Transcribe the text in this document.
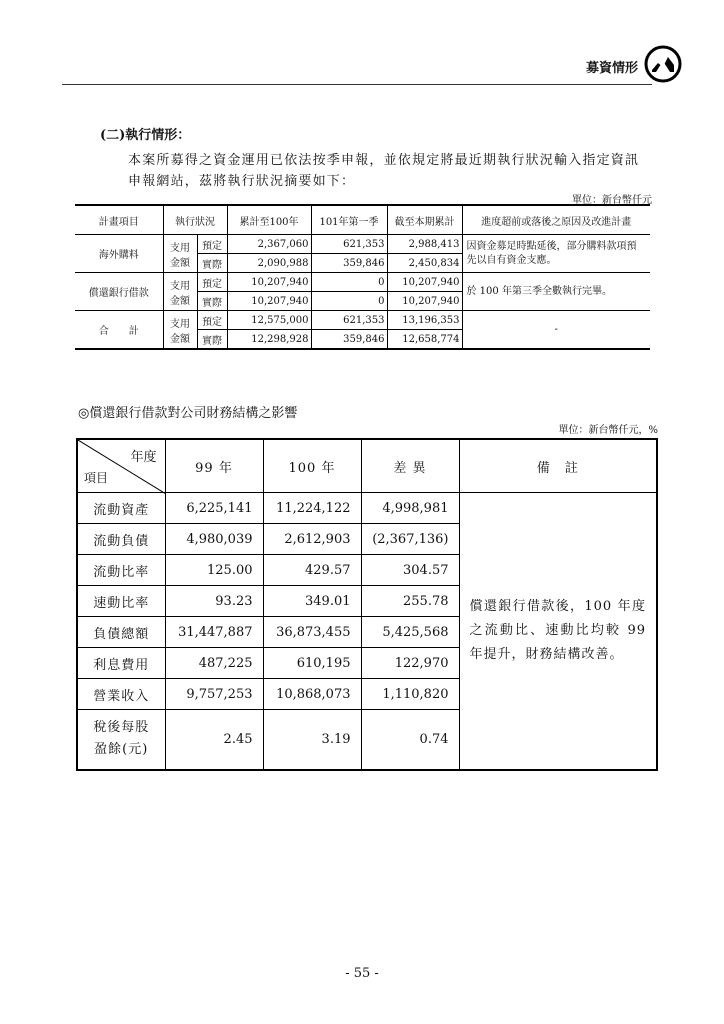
募資情形
(二)執行情形：

本案所募得之資金運用已依法按季申報，並依規定將最近期執行狀況輸入指定資訊

申報網站，茲將執行狀況摘要如下：

單位：新台幣仟元
計畫項目	執行狀況		累計至100年	101年第一季	截至本期累計	進度超前或落後之原因及改進計畫
海外購料	支用金額	預定	2,367,060	621,353	2,988,413	因資金募足時點延後，部分購料款項預先以自有資金支應。
		實際	2,090,988	359,846	2,450,834	
償還銀行借款	支用金額	預定	10,207,940	0	10,207,940	於 100 年第三季全數執行完畢。
		實際	10,207,940	0	10,207,940	
合　　計	支用金額	預定	12,575,000	621,353	13,196,353	-
		實際	12,298,928	359,846	12,658,774	
◎償還銀行借款對公司財務結構之影響
單位：新台幣仟元，%
年度
項目	99 年	100 年	差 異	備　註
流動資產	6,225,141	11,224,122	4,998,981	償還銀行借款後，100 年度之流動比、速動比均較 99 年提升，財務結構改善。
流動負債	4,980,039	2,612,903	(2,367,136)	
流動比率	125.00	429.57	304.57	
速動比率	93.23	349.01	255.78	
負債總額	31,447,887	36,873,455	5,425,568	
利息費用	487,225	610,195	122,970	
營業收入	9,757,253	10,868,073	1,110,820	
稅後每股盈餘(元)	2.45	3.19	0.74	
- 55 -
